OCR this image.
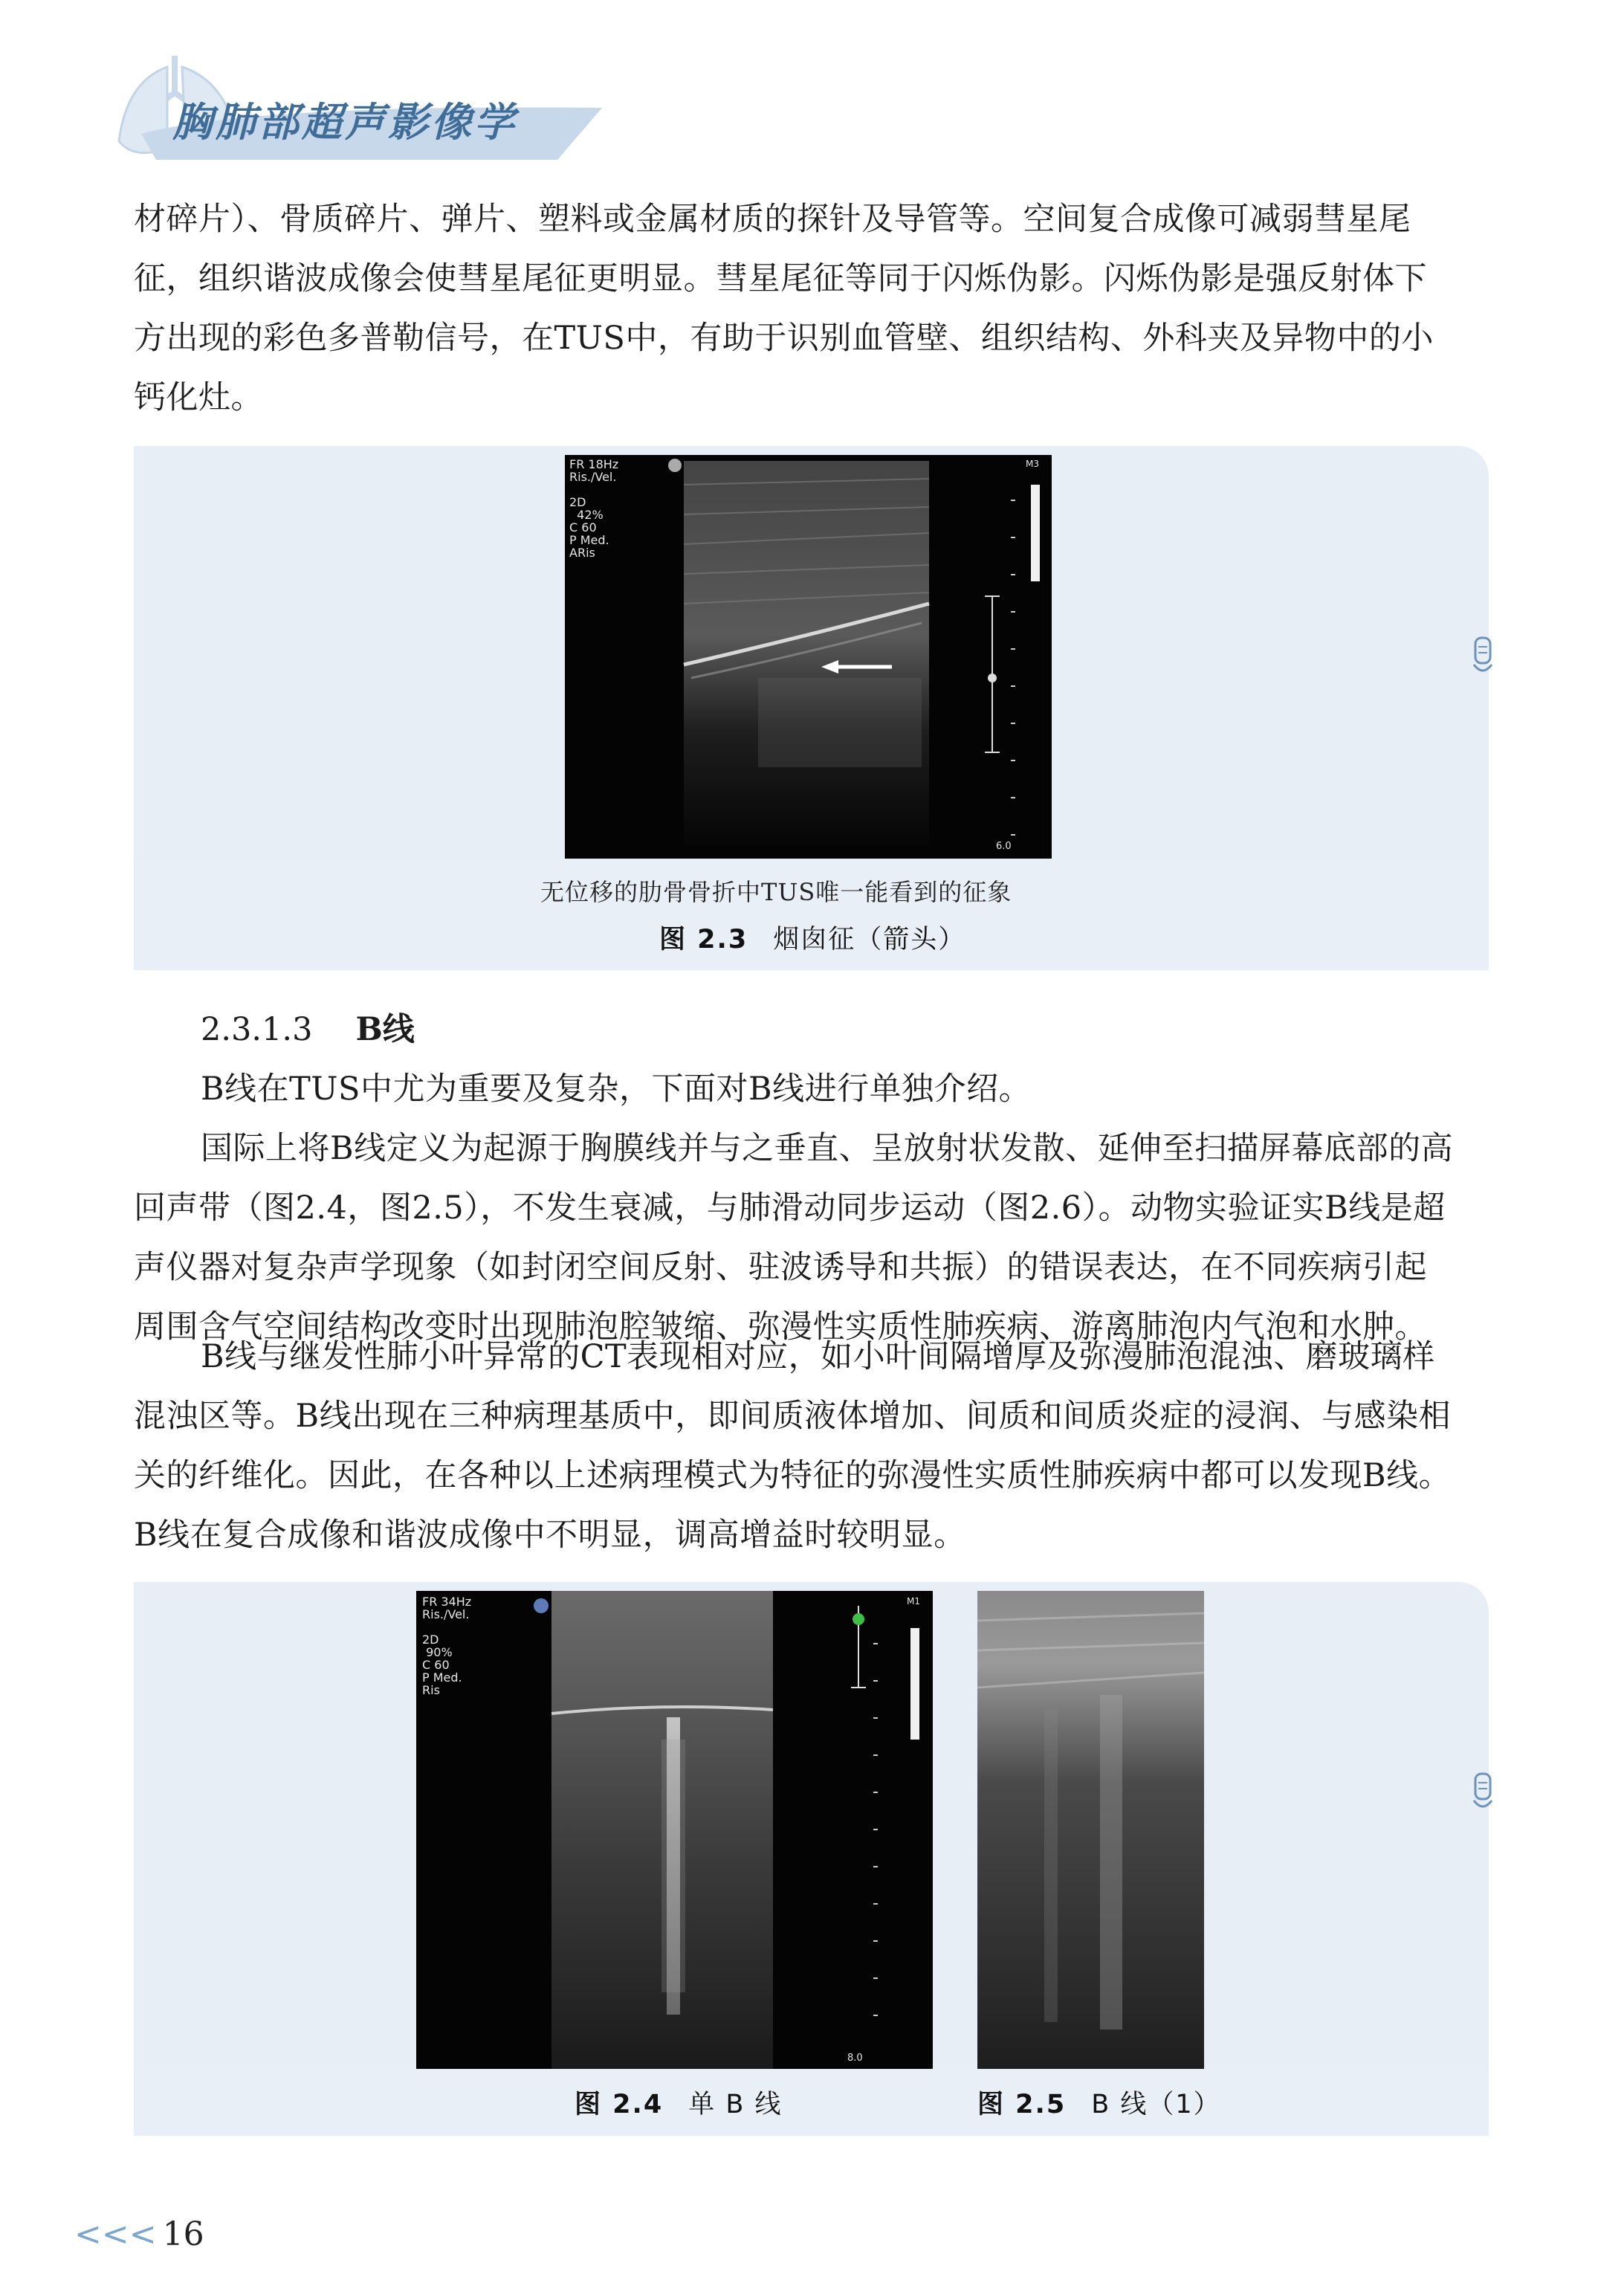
胸肺部超声影像学
材碎片）、骨质碎片、弹片、塑料或金属材质的探针及导管等。空间复合成像可减弱彗星尾
征，组织谐波成像会使彗星尾征更明显。彗星尾征等同于闪烁伪影。闪烁伪影是强反射体下
方出现的彩色多普勒信号，在TUS中，有助于识别血管壁、组织结构、外科夹及异物中的小
钙化灶。
FR 18Hz
Ris./Vel.

2D
42%
C 60
P Med.
ARis
M3
6.0
无位移的肋骨骨折中TUS唯一能看到的征象
图 2.3 烟囱征（箭头）
2.3.1.3 B线
B线在TUS中尤为重要及复杂，下面对B线进行单独介绍。
国际上将B线定义为起源于胸膜线并与之垂直、呈放射状发散、延伸至扫描屏幕底部的高
回声带（图2.4，图2.5），不发生衰减，与肺滑动同步运动（图2.6）。动物实验证实B线是超
声仪器对复杂声学现象（如封闭空间反射、驻波诱导和共振）的错误表达，在不同疾病引起
周围含气空间结构改变时出现肺泡腔皱缩、弥漫性实质性肺疾病、游离肺泡内气泡和水肿。
B线与继发性肺小叶异常的CT表现相对应，如小叶间隔增厚及弥漫肺泡混浊、磨玻璃样
混浊区等。B线出现在三种病理基质中，即间质液体增加、间质和间质炎症的浸润、与感染相
关的纤维化。因此，在各种以上述病理模式为特征的弥漫性实质性肺疾病中都可以发现B线。
B线在复合成像和谐波成像中不明显，调高增益时较明显。
FR 34Hz
Ris./Vel.

2D
90%
C 60
P Med.
Ris
M1
8.0
图 2.4 单 B 线	图 2.5 B 线（1）
<<< 16
